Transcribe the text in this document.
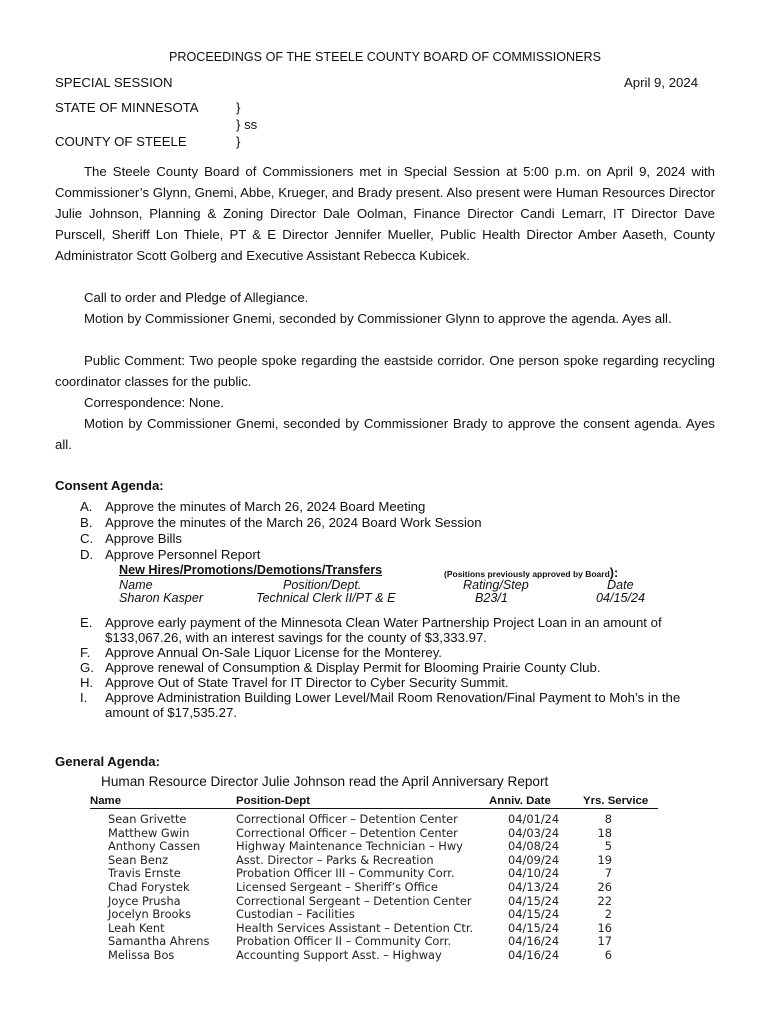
PROCEEDINGS OF THE STEELE COUNTY BOARD OF COMMISSIONERS
SPECIAL SESSION	April 9, 2024
STATE OF MINNESOTA	}
} ss
COUNTY OF STEELE	}
The Steele County Board of Commissioners met in Special Session at 5:00 p.m. on April 9, 2024 with Commissioner’s Glynn, Gnemi, Abbe, Krueger, and Brady present. Also present were Human Resources Director Julie Johnson, Planning & Zoning Director Dale Oolman, Finance Director Candi Lemarr, IT Director Dave Purscell, Sheriff Lon Thiele, PT & E Director Jennifer Mueller, Public Health Director Amber Aaseth, County Administrator Scott Golberg and Executive Assistant Rebecca Kubicek.
Call to order and Pledge of Allegiance.
Motion by Commissioner Gnemi, seconded by Commissioner Glynn to approve the agenda. Ayes all.
Public Comment: Two people spoke regarding the eastside corridor. One person spoke regarding recycling coordinator classes for the public.
Correspondence: None.
Motion by Commissioner Gnemi, seconded by Commissioner Brady to approve the consent agenda. Ayes all.
Consent Agenda:
A. Approve the minutes of March 26, 2024 Board Meeting
B. Approve the minutes of the March 26, 2024 Board Work Session
C. Approve Bills
D. Approve Personnel Report
New Hires/Promotions/Demotions/Transfers	(Positions previously approved by Board):
Name	Position/Dept.	Rating/Step	Date
Sharon Kasper	Technical Clerk II/PT & E	B23/1	04/15/24
E. Approve early payment of the Minnesota Clean Water Partnership Project Loan in an amount of $133,067.26, with an interest savings for the county of $3,333.97.
F.	Approve Annual On-Sale Liquor License for the Monterey.
G. Approve renewal of Consumption & Display Permit for Blooming Prairie County Club.
H. Approve Out of State Travel for IT Director to Cyber Security Summit.
I.	Approve Administration Building Lower Level/Mail Room Renovation/Final Payment to Moh’s in the amount of $17,535.27.
General Agenda:
Human Resource Director Julie Johnson read the April Anniversary Report
Name	Position-Dept	Anniv. Date	Yrs. Service
Sean Grivette	Correctional Officer – Detention Center	04/01/24	8
Matthew Gwin	Correctional Officer – Detention Center	04/03/24	18
Anthony Cassen	Highway Maintenance Technician – Hwy	04/08/24	5
Sean Benz	Asst. Director – Parks & Recreation	04/09/24	19
Travis Ernste	Probation Officer III – Community Corr.	04/10/24	7
Chad Forystek	Licensed Sergeant – Sheriff’s Office	04/13/24	26
Joyce Prusha	Correctional Sergeant – Detention Center	04/15/24	22
Jocelyn Brooks	Custodian – Facilities	04/15/24	2
Leah Kent	Health Services Assistant – Detention Ctr.	04/15/24	16
Samantha Ahrens Probation Officer II – Community Corr.	04/16/24	17
Melissa Bos	Accounting Support Asst. – Highway	04/16/24	6
